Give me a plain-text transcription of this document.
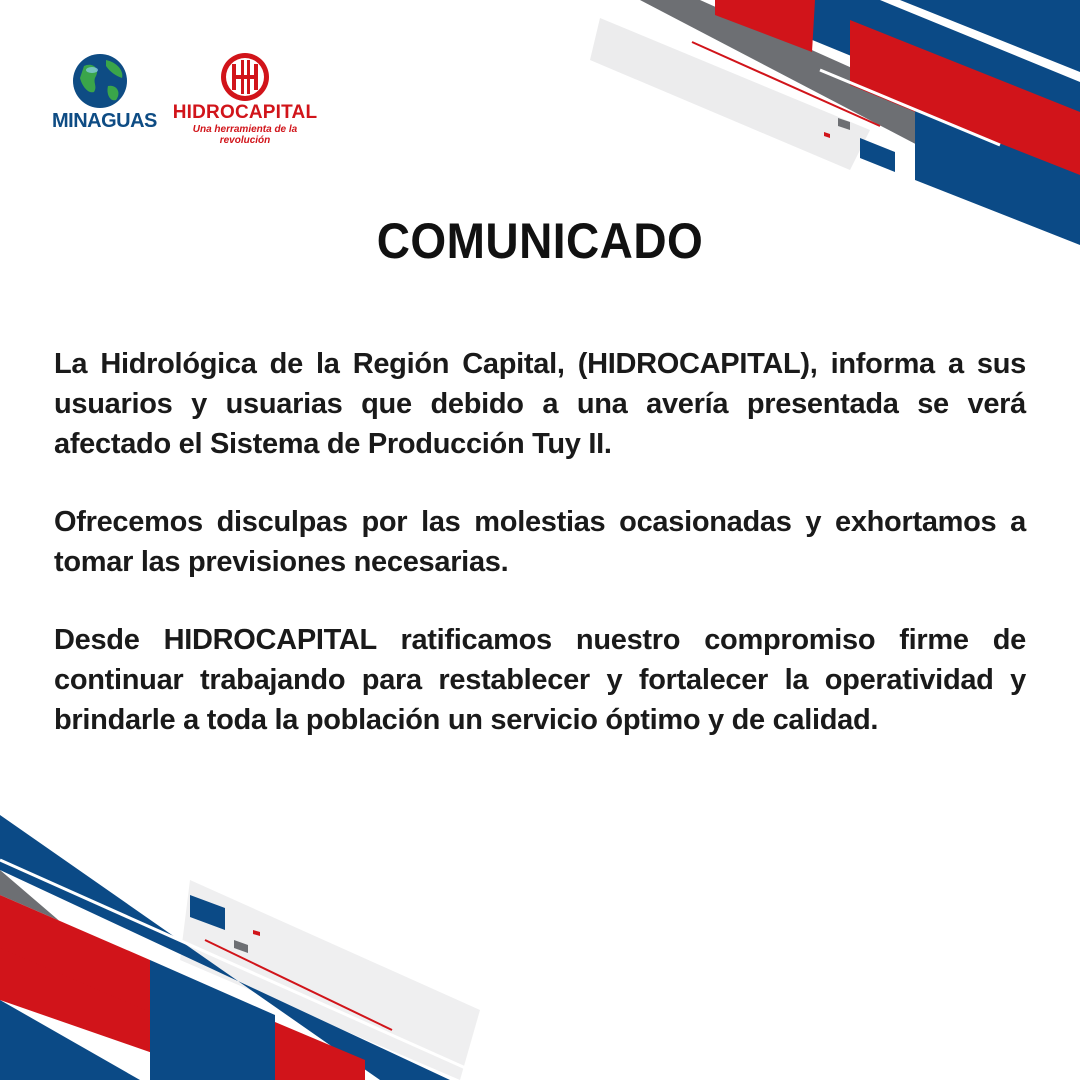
MINAGUAS HIDROCAPITAL
Una herramienta de la revolución
COMUNICADO

La Hidrológica de la Región Capital, (HIDROCAPITAL), informa a sus usuarios y usuarias que debido a una avería presentada se verá afectado el Sistema de Producción Tuy II.

Ofrecemos disculpas por las molestias ocasionadas y exhortamos a tomar las previsiones necesarias.

Desde HIDROCAPITAL ratificamos nuestro compromiso firme de continuar trabajando para restablecer y fortalecer la operatividad y brindarle a toda la población un servicio óptimo y de calidad.
